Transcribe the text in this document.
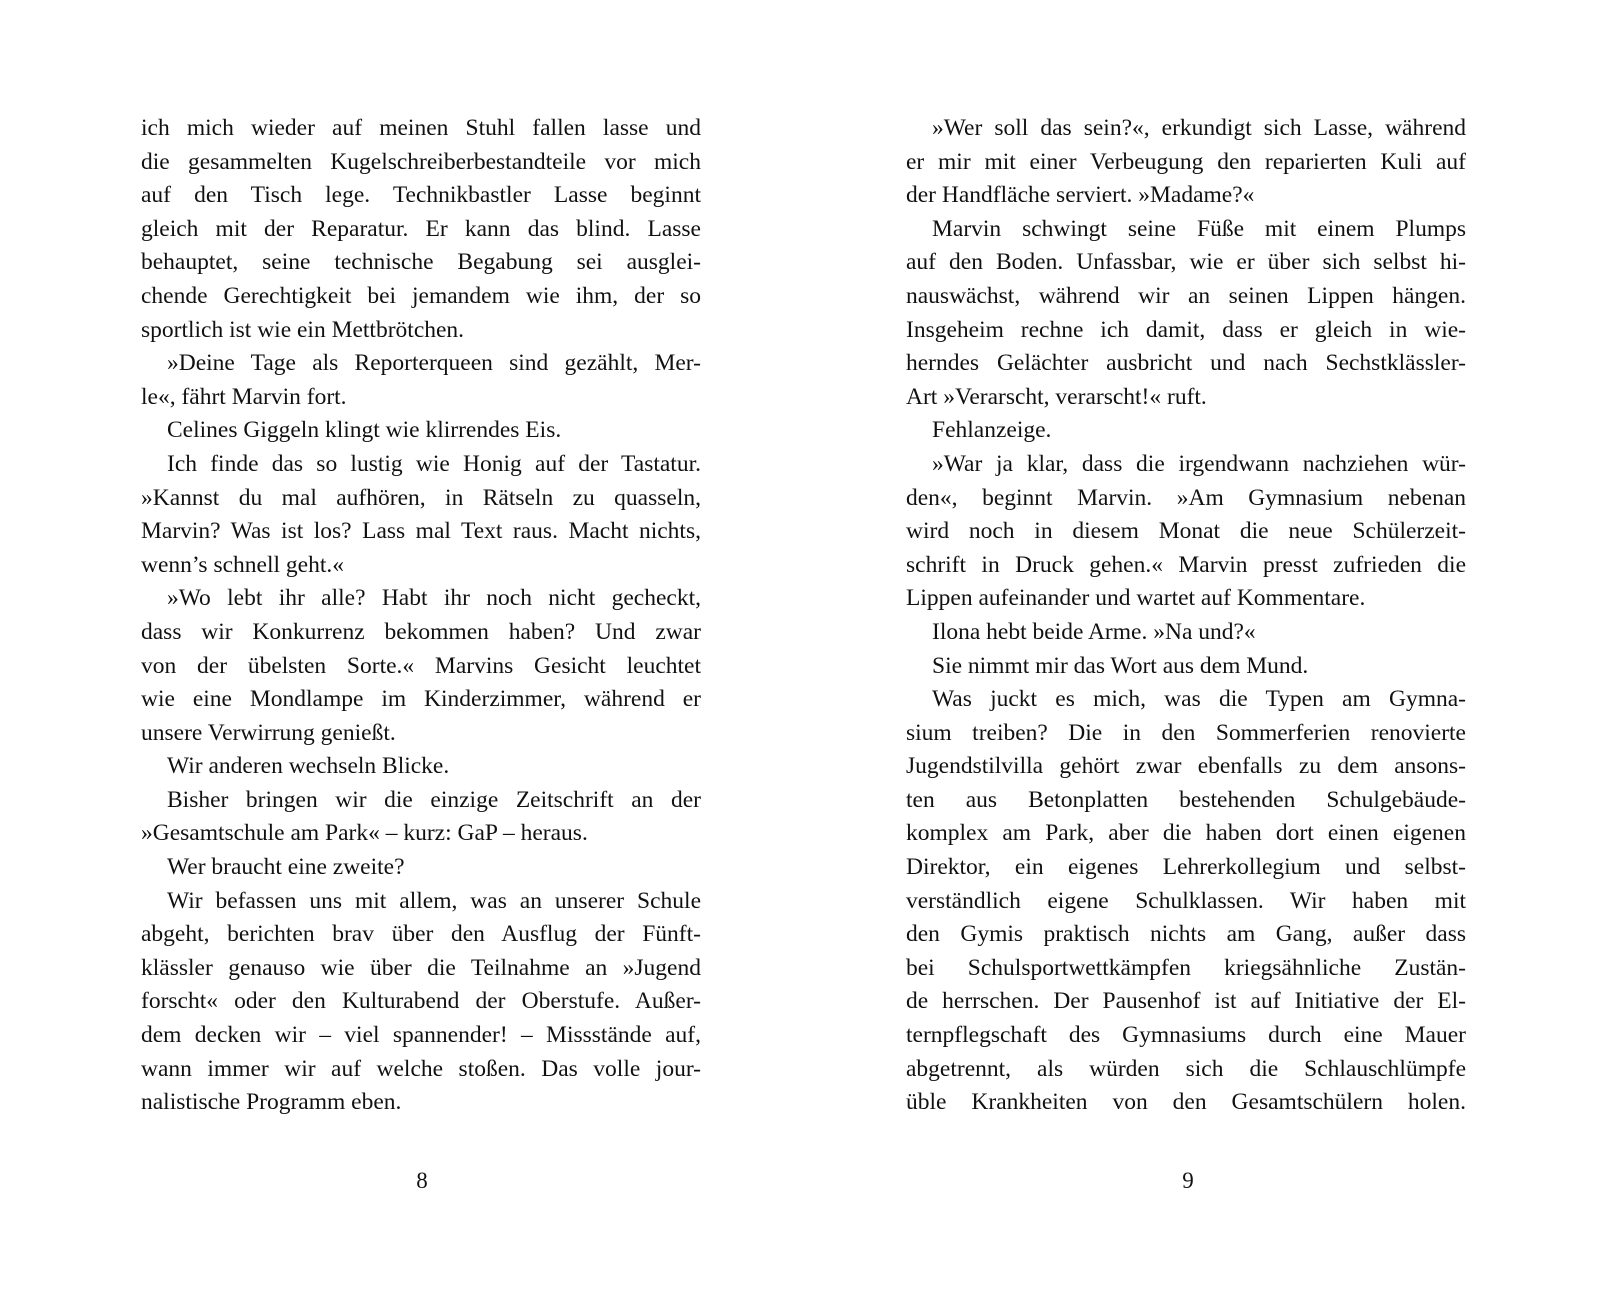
ich mich wieder auf meinen Stuhl fallen lasse und
die gesammelten Kugelschreiberbestandteile vor mich
auf den Tisch lege. Technikbastler Lasse beginnt
gleich mit der Reparatur. Er kann das blind. Lasse
behauptet, seine technische Begabung sei ausglei-
chende Gerechtigkeit bei jemandem wie ihm, der so
sportlich ist wie ein Mettbrötchen.
»Deine Tage als Reporterqueen sind gezählt, Mer-
le«, fährt Marvin fort.
Celines Giggeln klingt wie klirrendes Eis.
Ich finde das so lustig wie Honig auf der Tastatur.
»Kannst du mal aufhören, in Rätseln zu quasseln,
Marvin? Was ist los? Lass mal Text raus. Macht nichts,
wenn’s schnell geht.«
»Wo lebt ihr alle? Habt ihr noch nicht gecheckt,
dass wir Konkurrenz bekommen haben? Und zwar
von der übelsten Sorte.« Marvins Gesicht leuchtet
wie eine Mondlampe im Kinderzimmer, während er
unsere Verwirrung genießt.
Wir anderen wechseln Blicke.
Bisher bringen wir die einzige Zeitschrift an der
»Gesamtschule am Park« – kurz: GaP – heraus.
Wer braucht eine zweite?
Wir befassen uns mit allem, was an unserer Schule
abgeht, berichten brav über den Ausflug der Fünft-
klässler genauso wie über die Teilnahme an »Jugend
forscht« oder den Kulturabend der Oberstufe. Außer-
dem decken wir – viel spannender! – Missstände auf,
wann immer wir auf welche stoßen. Das volle jour-
nalistische Programm eben.
»Wer soll das sein?«, erkundigt sich Lasse, während
er mir mit einer Verbeugung den reparierten Kuli auf
der Handfläche serviert. »Madame?«
Marvin schwingt seine Füße mit einem Plumps
auf den Boden. Unfassbar, wie er über sich selbst hi-
nauswächst, während wir an seinen Lippen hängen.
Insgeheim rechne ich damit, dass er gleich in wie-
herndes Gelächter ausbricht und nach Sechstklässler-
Art »Verarscht, verarscht!« ruft.
Fehlanzeige.
»War ja klar, dass die irgendwann nachziehen wür-
den«, beginnt Marvin. »Am Gymnasium nebenan
wird noch in diesem Monat die neue Schülerzeit-
schrift in Druck gehen.« Marvin presst zufrieden die
Lippen aufeinander und wartet auf Kommentare.
Ilona hebt beide Arme. »Na und?«
Sie nimmt mir das Wort aus dem Mund.
Was juckt es mich, was die Typen am Gymna-
sium treiben? Die in den Sommerferien renovierte
Jugendstilvilla gehört zwar ebenfalls zu dem ansons-
ten aus Betonplatten bestehenden Schulgebäude-
komplex am Park, aber die haben dort einen eigenen
Direktor, ein eigenes Lehrerkollegium und selbst-
verständlich eigene Schulklassen. Wir haben mit
den Gymis praktisch nichts am Gang, außer dass
bei Schulsportwettkämpfen kriegsähnliche Zustän-
de herrschen. Der Pausenhof ist auf Initiative der El-
ternpflegschaft des Gymnasiums durch eine Mauer
abgetrennt, als würden sich die Schlauschlümpfe
üble Krankheiten von den Gesamtschülern holen.
8	9
